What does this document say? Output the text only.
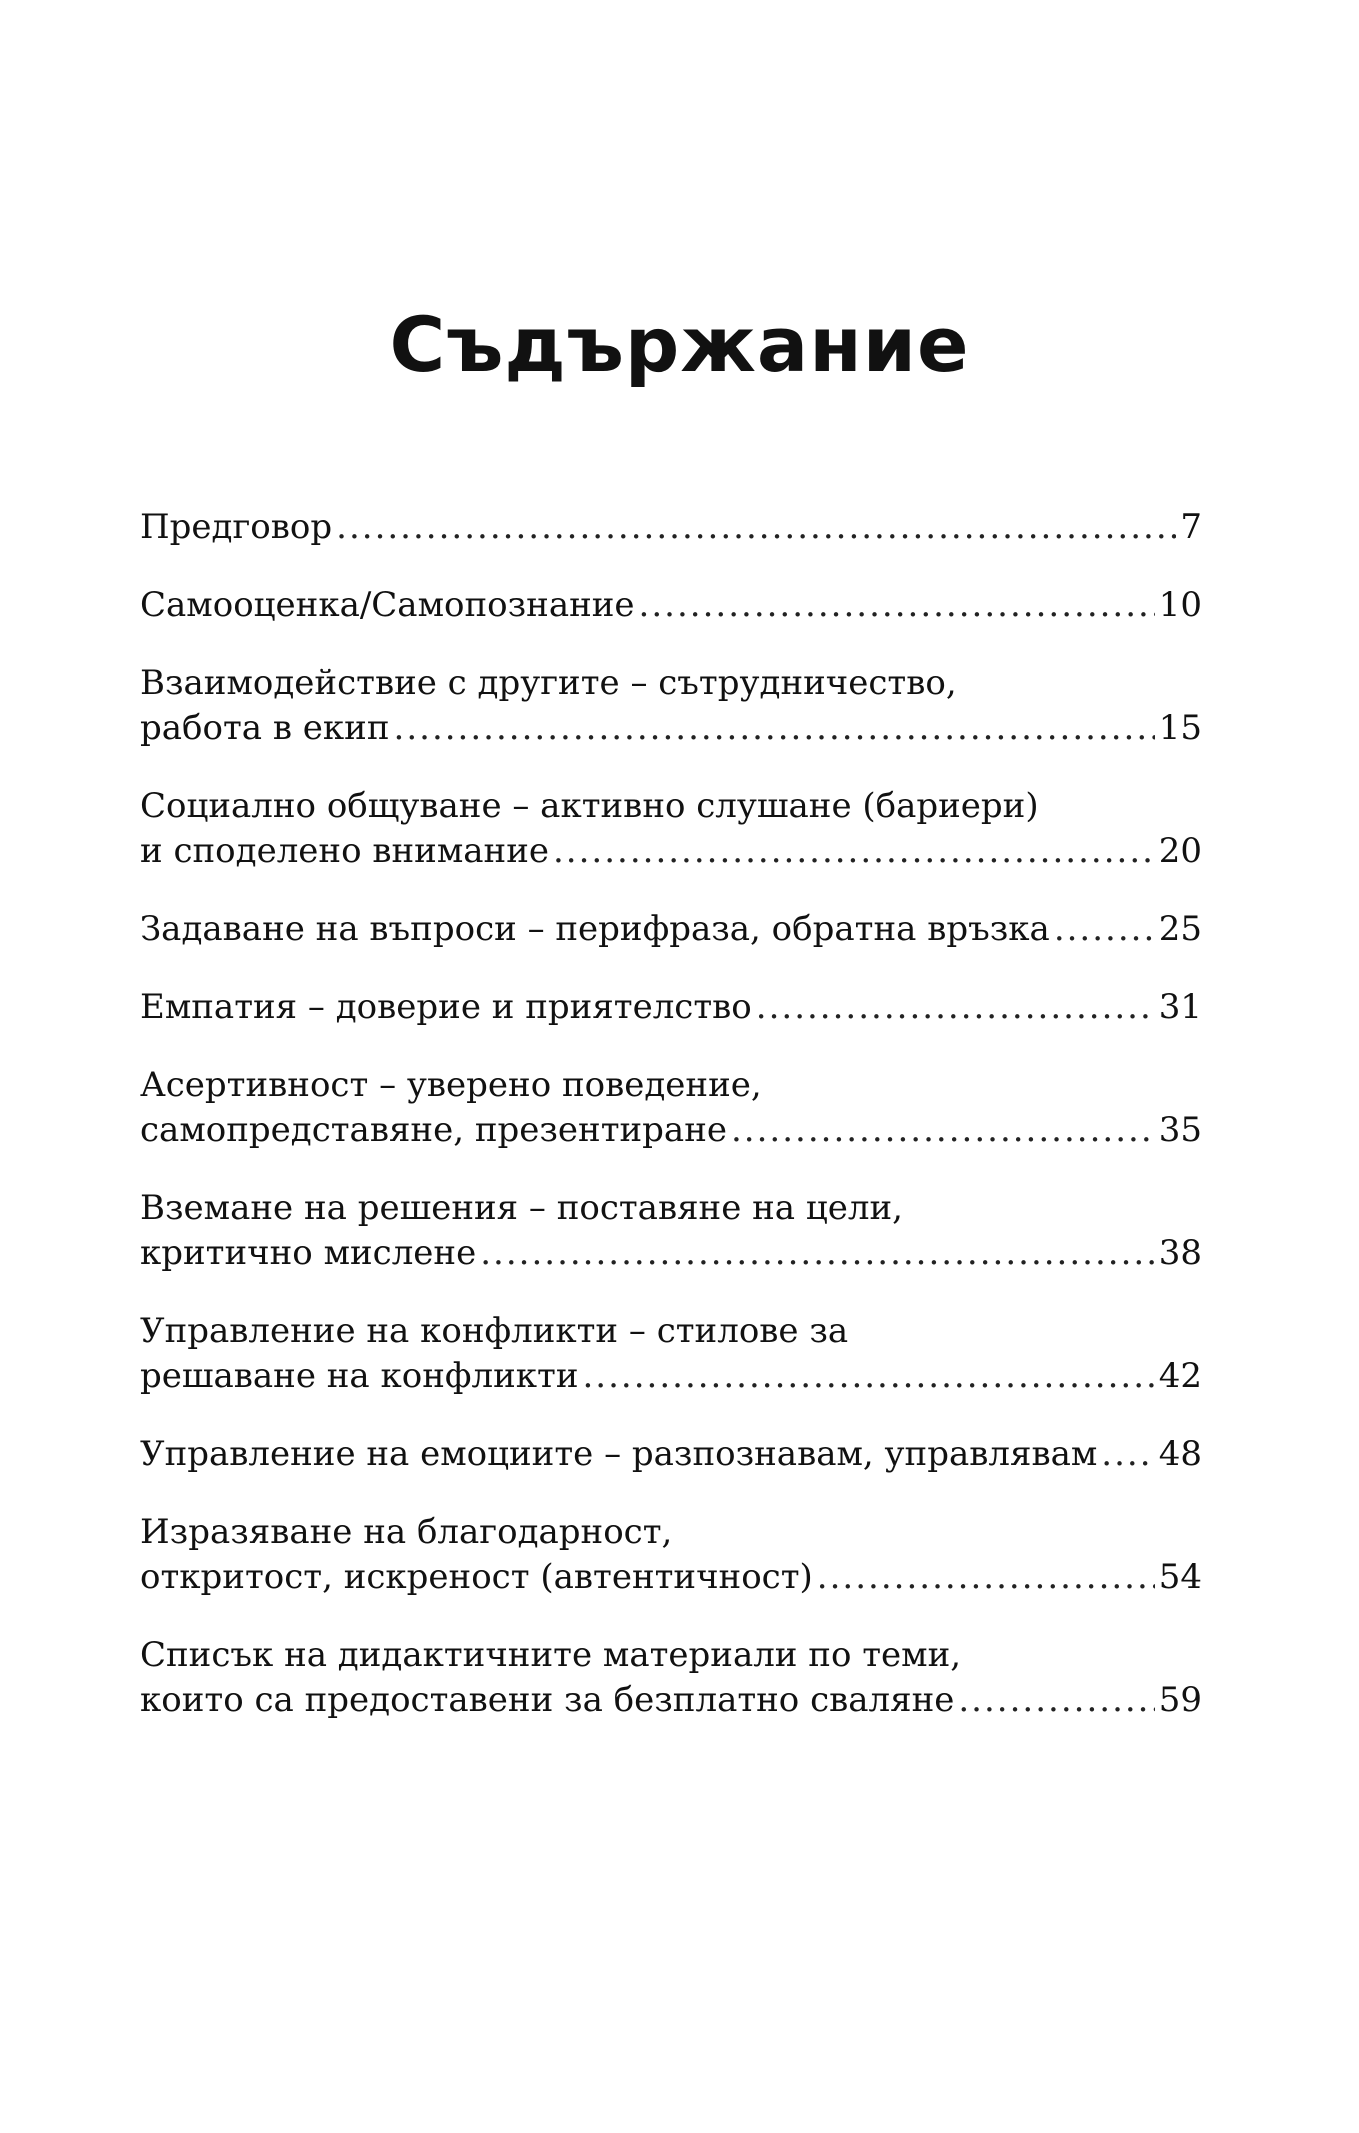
Съдържание
Предговор .....	7
Самооценка/Самопознание .....	10
Взаимодействие с другите – сътрудничество,
работа в екип .....	15
Социално общуване – активно слушане (бариери)
и споделено внимание .....	20
Задаване на въпроси – перифраза, обратна връзка .....	25
Емпатия – доверие и приятелство .....	31
Асертивност – уверено поведение,
самопредставяне, презентиране .....	35
Вземане на решения – поставяне на цели,
критично мислене .....	38
Управление на конфликти – стилове за
решаване на конфликти .....	42
Управление на емоциите – разпознавам, управлявам ..... 48
Изразяване на благодарност,
откритост, искреност (автентичност) .....	54
Списък на дидактичните материали по теми,
които са предоставени за безплатно сваляне .....	59
